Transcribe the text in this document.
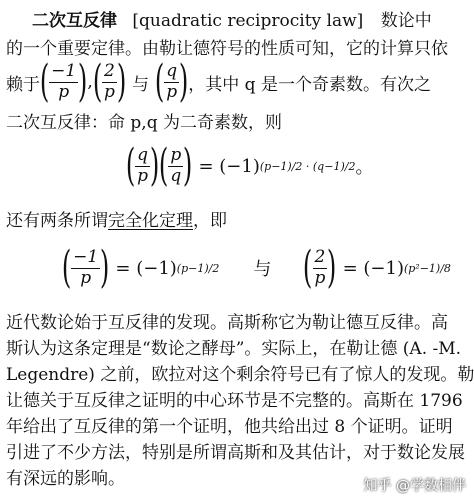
二次互反律 [quadratic reciprocity law] 数论中
的一个重要定律。由勒让德符号的性质可知，它的计算只依
赖于 ( $\frac{-1}{p}$ ) , ( $\frac{2}{p}$ ) 与 ( $\frac{q}{p}$ ) ，其中 q 是一个奇素数。有次之
二次互反律：命 p,q 为二奇素数，则
( $\frac{q}{p}$ ) ( $\frac{p}{q}$ ) = (−1) (p−1)/2 · (q−1)/2 。
还有两条所谓完全化定理，即
( $\frac{-1}{p}$ ) = (−1) (p−1)/2 与 ( $\frac{2}{p}$ ) = (−1) (p²−1)/8
近代数论始于互反律的发现。高斯称它为勒让德互反律。高
斯认为这条定理是“数论之酵母”。实际上，在勒让德 (A. -M.
Legendre) 之前，欧拉对这个剩余符号已有了惊人的发现。勒
让德关于互反律之证明的中心环节是不完整的。高斯在 1796
年给出了互反律的第一个证明，他共给出过 8 个证明。证明
引进了不少方法，特别是所谓高斯和及其估计，对于数论发展
有深远的影响。	知乎 @学数相伴
